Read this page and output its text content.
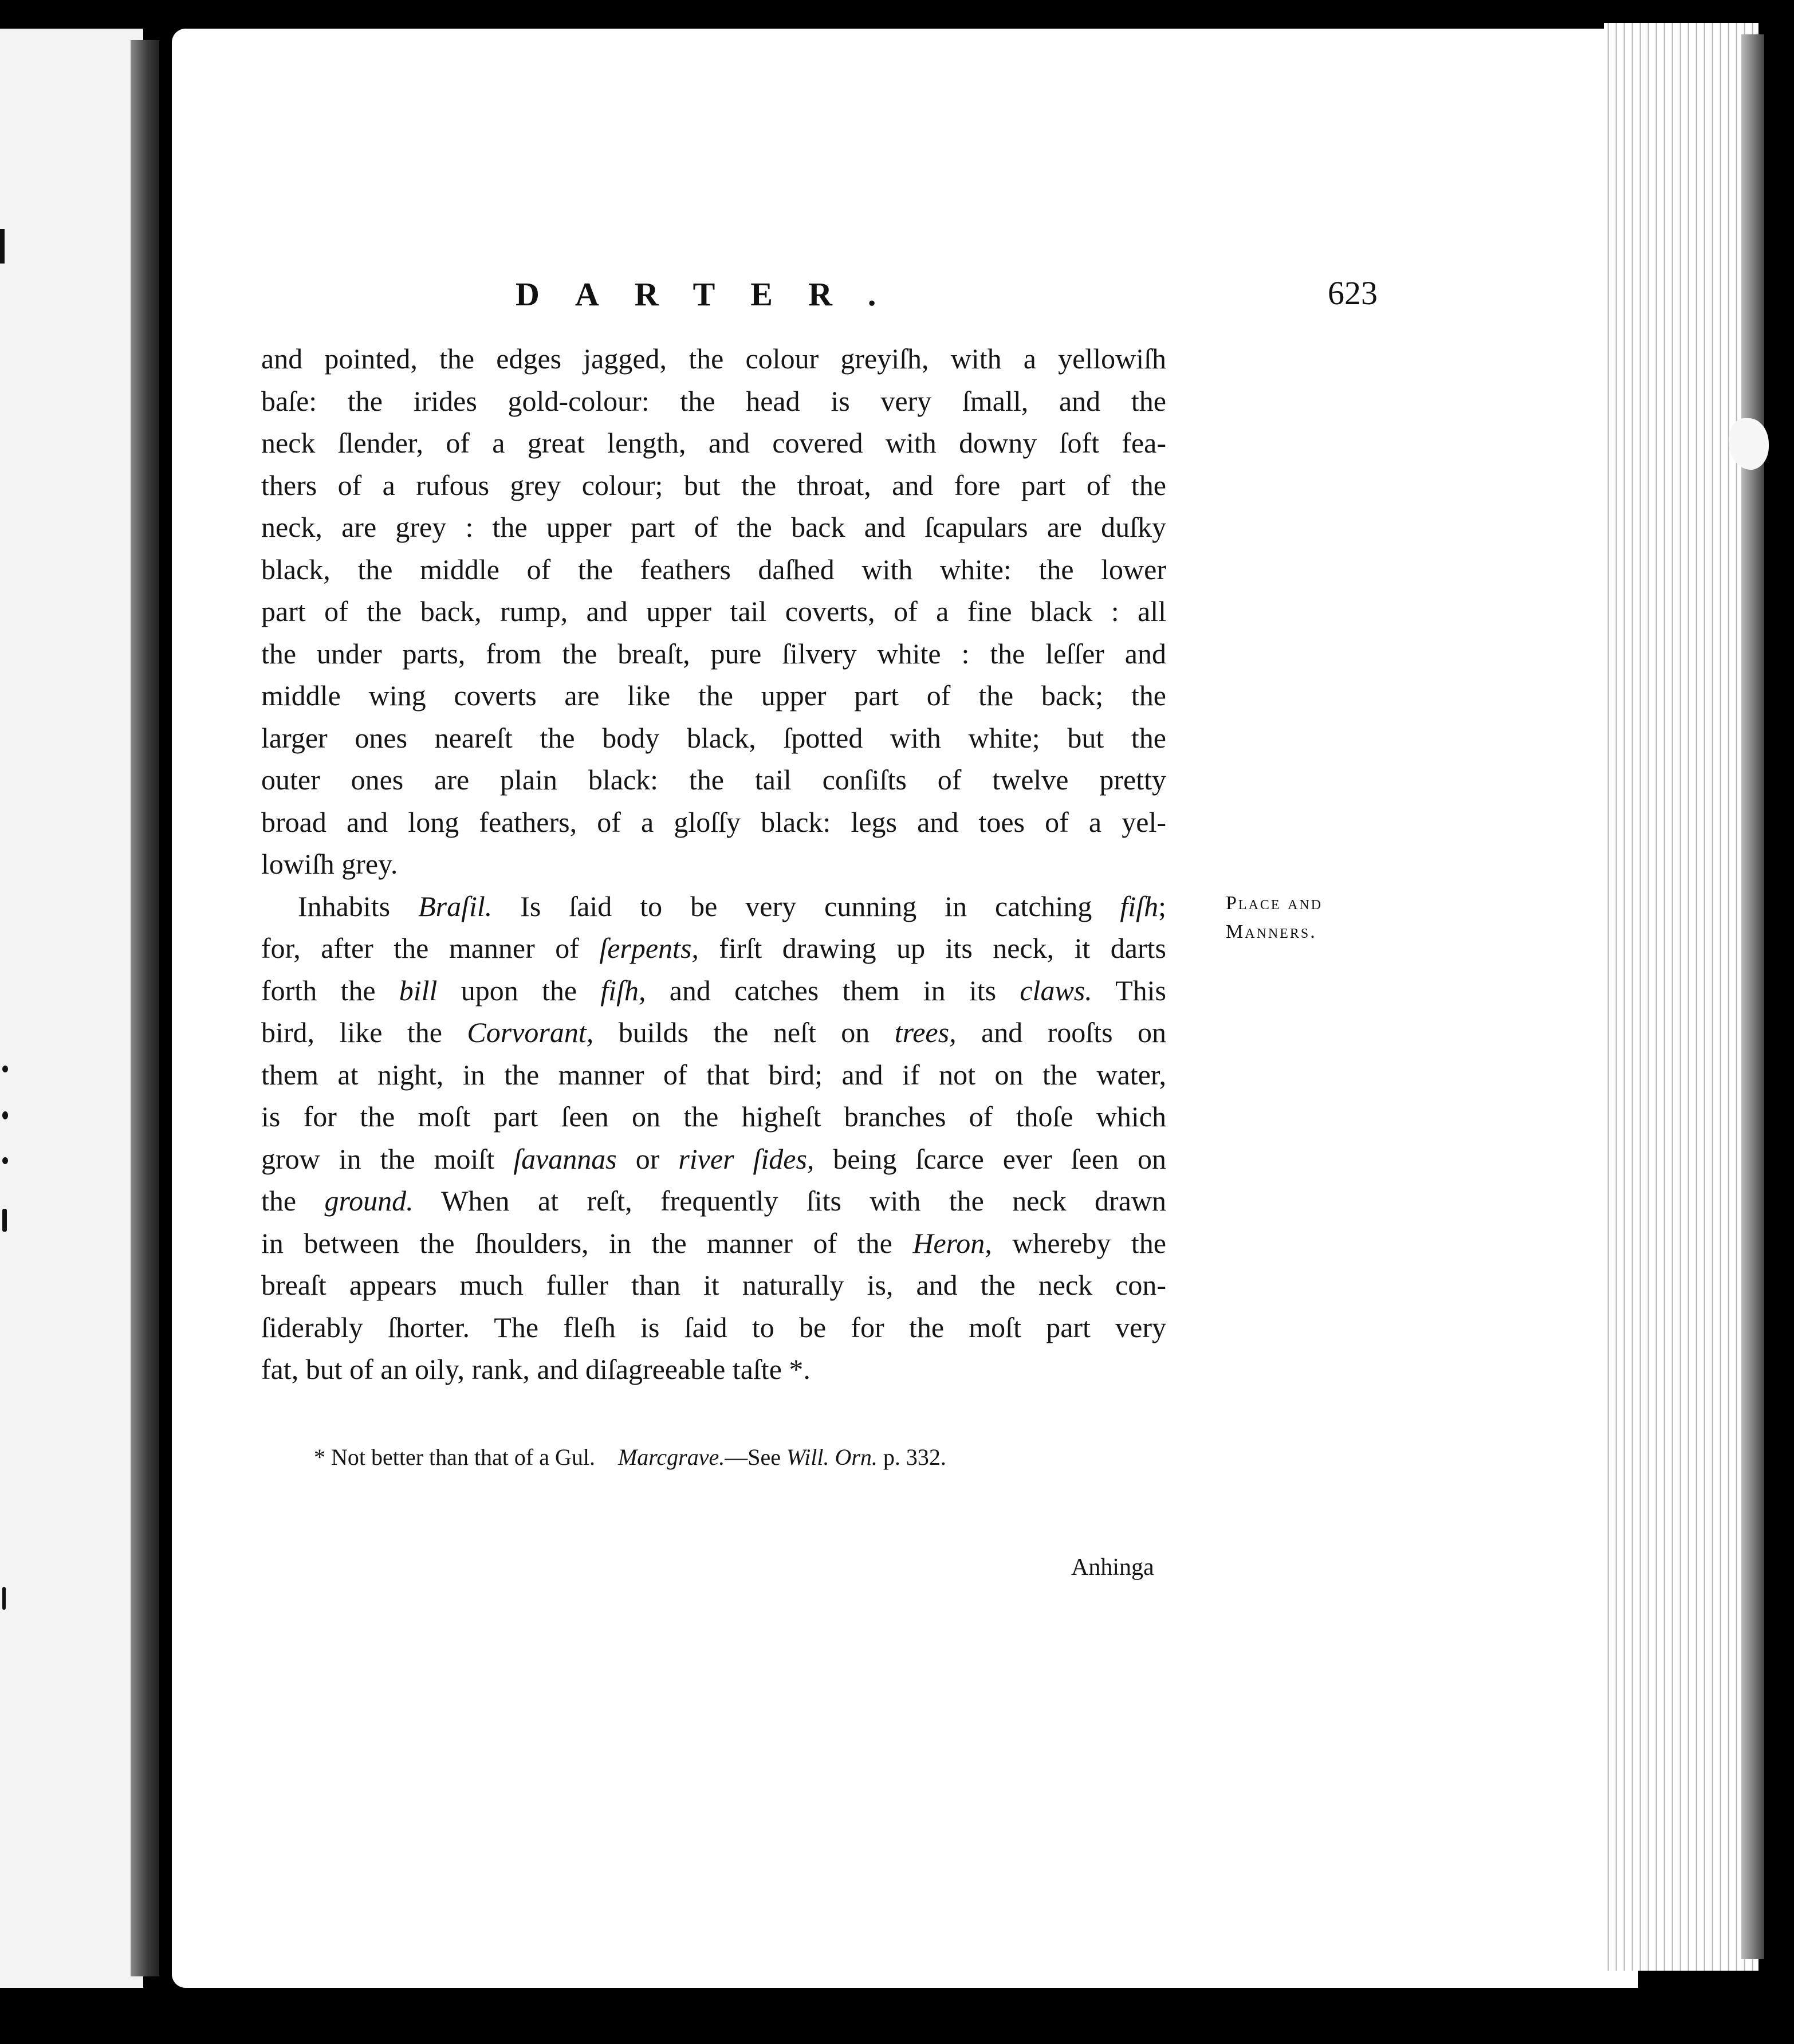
DARTER.	623
and pointed, the edges jagged, the colour greyiſh, with a yellowiſh
baſe: the irides gold-colour: the head is very ſmall, and the
neck ſlender, of a great length, and covered with downy ſoft fea-
thers of a rufous grey colour; but the throat, and fore part of the
neck, are grey : the upper part of the back and ſcapulars are duſky
black, the middle of the feathers daſhed with white: the lower
part of the back, rump, and upper tail coverts, of a fine black : all
the under parts, from the breaſt, pure ſilvery white : the leſſer and
middle wing coverts are like the upper part of the back; the
larger ones neareſt the body black, ſpotted with white; but the
outer ones are plain black: the tail conſiſts of twelve pretty
broad and long feathers, of a gloſſy black: legs and toes of a yel-
lowiſh grey.
Inhabits Braſil. Is ſaid to be very cunning in catching fiſh;
for, after the manner of ſerpents, firſt drawing up its neck, it darts
forth the bill upon the fiſh, and catches them in its claws. This
bird, like the Corvorant, builds the neſt on trees, and rooſts on
them at night, in the manner of that bird; and if not on the water,
is for the moſt part ſeen on the higheſt branches of thoſe which
grow in the moiſt ſavannas or river ſides, being ſcarce ever ſeen on
the ground. When at reſt, frequently ſits with the neck drawn
in between the ſhoulders, in the manner of the Heron, whereby the
breaſt appears much fuller than it naturally is, and the neck con-
ſiderably ſhorter. The fleſh is ſaid to be for the moſt part very
fat, but of an oily, rank, and diſagreeable taſte *.
Place and
Manners.
* Not better than that of a Gul. Marcgrave.—See Will. Orn. p. 332.
Anhinga
